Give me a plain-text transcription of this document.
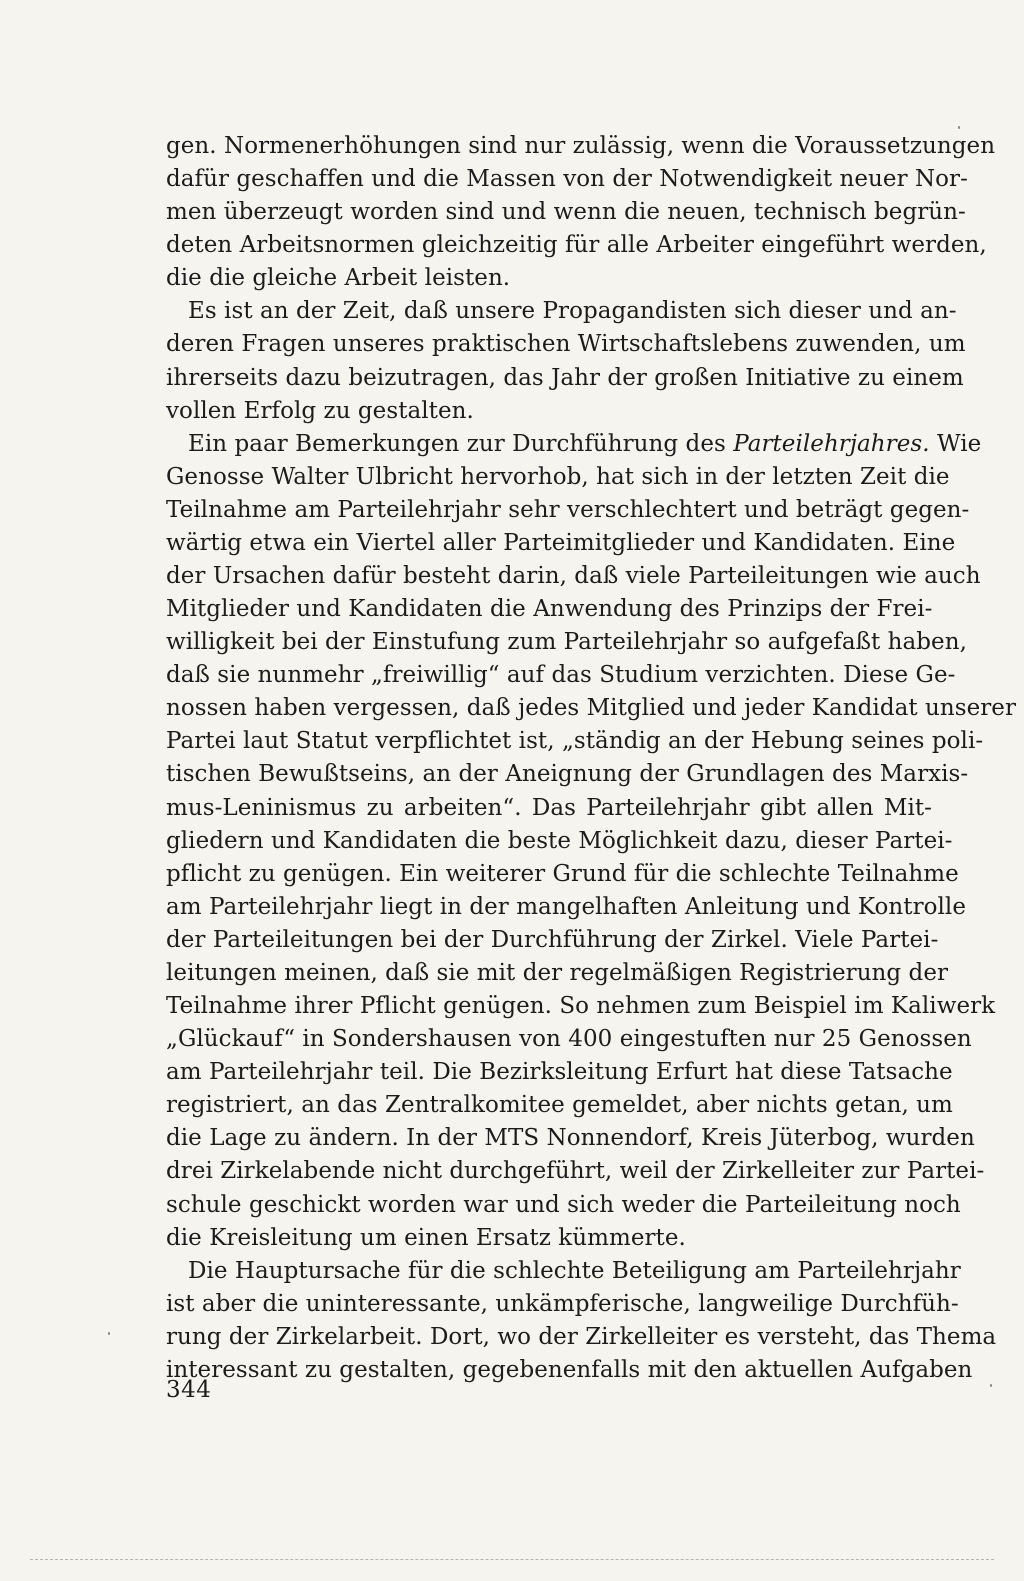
gen. Normenerhöhungen sind nur zulässig, wenn die Voraussetzungen
dafür geschaffen und die Massen von der Notwendigkeit neuer Nor-
men überzeugt worden sind und wenn die neuen, technisch begrün-
deten Arbeitsnormen gleichzeitig für alle Arbeiter eingeführt werden,
die die gleiche Arbeit leisten.
Es ist an der Zeit, daß unsere Propagandisten sich dieser und an-
deren Fragen unseres praktischen Wirtschaftslebens zuwenden, um
ihrerseits dazu beizutragen, das Jahr der großen Initiative zu einem
vollen Erfolg zu gestalten.
Ein paar Bemerkungen zur Durchführung des Parteilehrjahres. Wie
Genosse Walter Ulbricht hervorhob, hat sich in der letzten Zeit die
Teilnahme am Parteilehrjahr sehr verschlechtert und beträgt gegen-
wärtig etwa ein Viertel aller Parteimitglieder und Kandidaten. Eine
der Ursachen dafür besteht darin, daß viele Parteileitungen wie auch
Mitglieder und Kandidaten die Anwendung des Prinzips der Frei-
willigkeit bei der Einstufung zum Parteilehrjahr so aufgefaßt haben,
daß sie nunmehr „freiwillig“ auf das Studium verzichten. Diese Ge-
nossen haben vergessen, daß jedes Mitglied und jeder Kandidat unserer
Partei laut Statut verpflichtet ist, „ständig an der Hebung seines poli-
tischen Bewußtseins, an der Aneignung der Grundlagen des Marxis-
mus-Leninismus zu arbeiten“. Das Parteilehrjahr gibt allen Mit-
gliedern und Kandidaten die beste Möglichkeit dazu, dieser Partei-
pflicht zu genügen. Ein weiterer Grund für die schlechte Teilnahme
am Parteilehrjahr liegt in der mangelhaften Anleitung und Kontrolle
der Parteileitungen bei der Durchführung der Zirkel. Viele Partei-
leitungen meinen, daß sie mit der regelmäßigen Registrierung der
Teilnahme ihrer Pflicht genügen. So nehmen zum Beispiel im Kaliwerk
„Glückauf“ in Sondershausen von 400 eingestuften nur 25 Genossen
am Parteilehrjahr teil. Die Bezirksleitung Erfurt hat diese Tatsache
registriert, an das Zentralkomitee gemeldet, aber nichts getan, um
die Lage zu ändern. In der MTS Nonnendorf, Kreis Jüterbog, wurden
drei Zirkelabende nicht durchgeführt, weil der Zirkelleiter zur Partei-
schule geschickt worden war und sich weder die Parteileitung noch
die Kreisleitung um einen Ersatz kümmerte.
Die Hauptursache für die schlechte Beteiligung am Parteilehrjahr
ist aber die uninteressante, unkämpferische, langweilige Durchfüh-
rung der Zirkelarbeit. Dort, wo der Zirkelleiter es versteht, das Thema
interessant zu gestalten, gegebenenfalls mit den aktuellen Aufgaben
344
